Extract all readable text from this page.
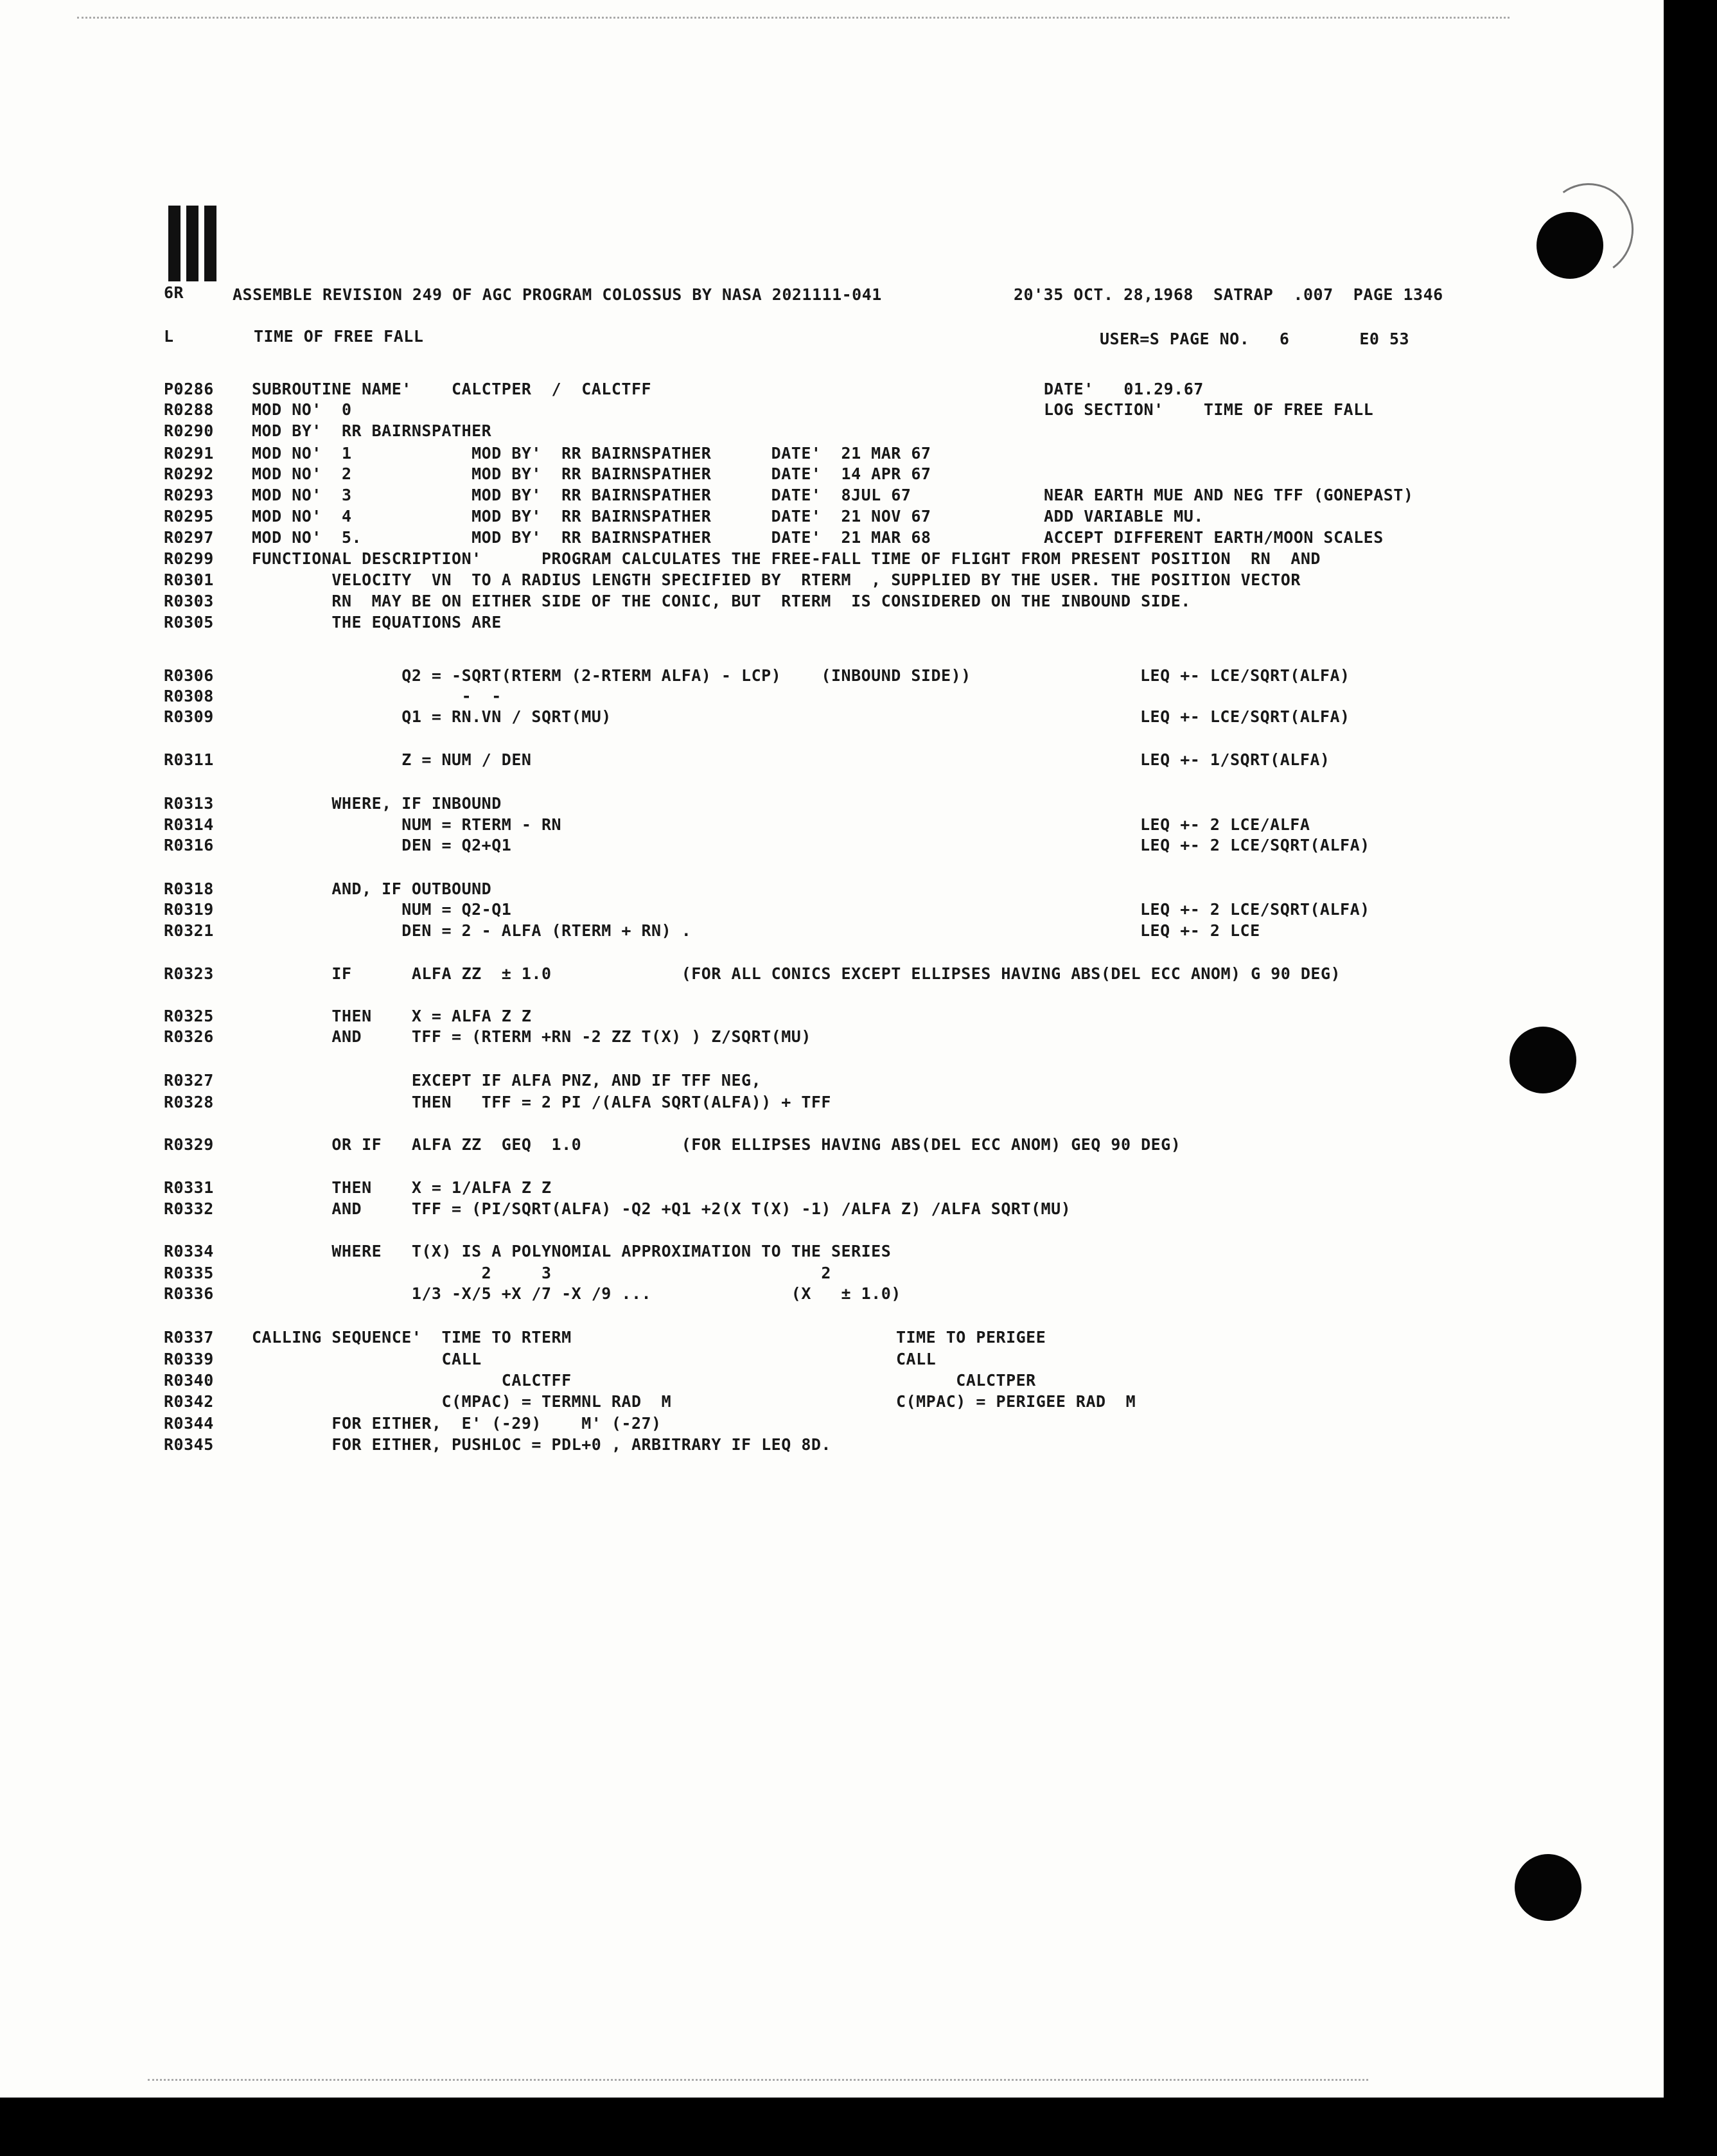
6R	ASSEMBLE REVISION 249 OF AGC PROGRAM COLOSSUS BY NASA 2021111-041	20'35 OCT. 28,1968  SATRAP  .007  PAGE 1346
L	TIME OF FREE FALL	USER=S PAGE NO.   6       E0 53
P0286 SUBROUTINE NAME'    CALCTPER  /  CALCTFF	DATE'   01.29.67
R0288 MOD NO'  0	LOG SECTION'    TIME OF FREE FALL
R0290 MOD BY'  RR BAIRNSPATHER
R0291 MOD NO'  1            MOD BY'  RR BAIRNSPATHER      DATE'  21 MAR 67
R0292 MOD NO'  2            MOD BY'  RR BAIRNSPATHER      DATE'  14 APR 67
R0293 MOD NO'  3            MOD BY'  RR BAIRNSPATHER      DATE'  8JUL 67	NEAR EARTH MUE AND NEG TFF (GONEPAST)
R0295 MOD NO'  4            MOD BY'  RR BAIRNSPATHER      DATE'  21 NOV 67	ADD VARIABLE MU.
R0297 MOD NO'  5.           MOD BY'  RR BAIRNSPATHER      DATE'  21 MAR 68	ACCEPT DIFFERENT EARTH/MOON SCALES
R0299 FUNCTIONAL DESCRIPTION'      PROGRAM CALCULATES THE FREE-FALL TIME OF FLIGHT FROM PRESENT POSITION  RN  AND
R0301 VELOCITY  VN  TO A RADIUS LENGTH SPECIFIED BY  RTERM  , SUPPLIED BY THE USER. THE POSITION VECTOR
R0303 RN  MAY BE ON EITHER SIDE OF THE CONIC, BUT  RTERM  IS CONSIDERED ON THE INBOUND SIDE.
R0305 THE EQUATIONS ARE
R0306 Q2 = -SQRT(RTERM (2-RTERM ALFA) - LCP)    (INBOUND SIDE))	LEQ +- LCE/SQRT(ALFA)
R0308 -  -
R0309 Q1 = RN.VN / SQRT(MU)	LEQ +- LCE/SQRT(ALFA)
R0311 Z = NUM / DEN	LEQ +- 1/SQRT(ALFA)
R0313 WHERE, IF INBOUND
R0314 NUM = RTERM - RN	LEQ +- 2 LCE/ALFA
R0316 DEN = Q2+Q1	LEQ +- 2 LCE/SQRT(ALFA)
R0318 AND, IF OUTBOUND
R0319 NUM = Q2-Q1	LEQ +- 2 LCE/SQRT(ALFA)
R0321 DEN = 2 - ALFA (RTERM + RN) .	LEQ +- 2 LCE
R0323 IF      ALFA ZZ  ± 1.0             (FOR ALL CONICS EXCEPT ELLIPSES HAVING ABS(DEL ECC ANOM) G 90 DEG)
R0325 THEN    X = ALFA Z Z
R0326 AND     TFF = (RTERM +RN -2 ZZ T(X) ) Z/SQRT(MU)
R0327 EXCEPT IF ALFA PNZ, AND IF TFF NEG,
R0328 THEN   TFF = 2 PI /(ALFA SQRT(ALFA)) + TFF
R0329 OR IF   ALFA ZZ  GEQ  1.0          (FOR ELLIPSES HAVING ABS(DEL ECC ANOM) GEQ 90 DEG)
R0331 THEN    X = 1/ALFA Z Z
R0332 AND     TFF = (PI/SQRT(ALFA) -Q2 +Q1 +2(X T(X) -1) /ALFA Z) /ALFA SQRT(MU)
R0334 WHERE   T(X) IS A POLYNOMIAL APPROXIMATION TO THE SERIES
R0335 2     3                           2
R0336 1/3 -X/5 +X /7 -X /9 ...              (X   ± 1.0)
R0337 CALLING SEQUENCE'  TIME TO RTERM	TIME TO PERIGEE
R0339 CALL	CALL
R0340 CALCTFF	CALCTPER
R0342 C(MPAC) = TERMNL RAD  M	C(MPAC) = PERIGEE RAD  M
R0344 FOR EITHER,  E' (-29)    M' (-27)
R0345 FOR EITHER, PUSHLOC = PDL+0 , ARBITRARY IF LEQ 8D.
